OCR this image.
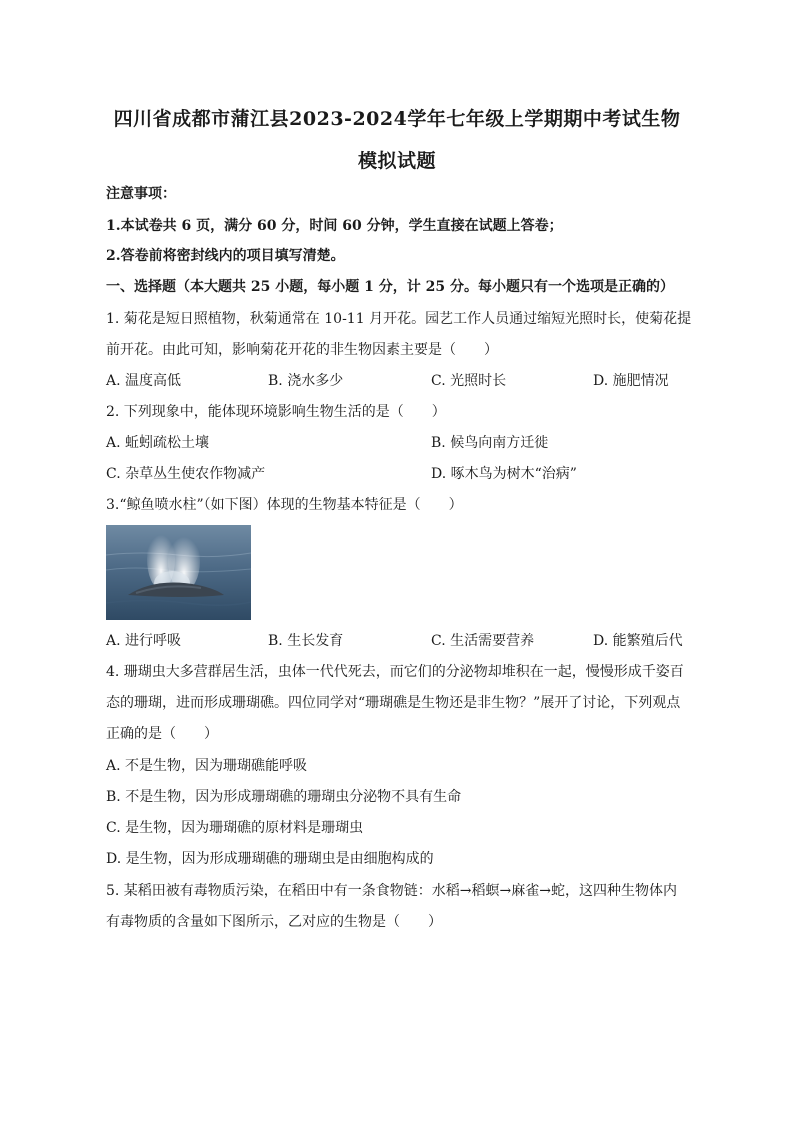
四川省成都市蒲江县2023-2024学年七年级上学期期中考试生物
模拟试题
注意事项：
1.本试卷共 6 页，满分 60 分，时间 60 分钟，学生直接在试题上答卷；
2.答卷前将密封线内的项目填写清楚。
一、选择题（本大题共 25 小题，每小题 1 分，计 25 分。每小题只有一个选项是正确的）
1. 菊花是短日照植物，秋菊通常在 10-11 月开花。园艺工作人员通过缩短光照时长，使菊花提
前开花。由此可知，影响菊花开花的非生物因素主要是（　　）
A. 温度高低	B. 浇水多少	C. 光照时长	D. 施肥情况
2. 下列现象中，能体现环境影响生物生活的是（　　）
A. 蚯蚓疏松土壤	B. 候鸟向南方迁徙
C. 杂草丛生使农作物减产	D. 啄木鸟为树木“治病”
3.“鲸鱼喷水柱”（如下图）体现的生物基本特征是（　　）
A. 进行呼吸	B. 生长发育	C. 生活需要营养	D. 能繁殖后代
4. 珊瑚虫大多营群居生活，虫体一代代死去，而它们的分泌物却堆积在一起，慢慢形成千姿百
态的珊瑚，进而形成珊瑚礁。四位同学对“珊瑚礁是生物还是非生物？”展开了讨论，下列观点
正确的是（　　）
A. 不是生物，因为珊瑚礁能呼吸
B. 不是生物，因为形成珊瑚礁的珊瑚虫分泌物不具有生命
C. 是生物，因为珊瑚礁的原材料是珊瑚虫
D. 是生物，因为形成珊瑚礁的珊瑚虫是由细胞构成的
5. 某稻田被有毒物质污染，在稻田中有一条食物链：水稻→稻螟→麻雀→蛇，这四种生物体内
有毒物质的含量如下图所示，乙对应的生物是（　　）
